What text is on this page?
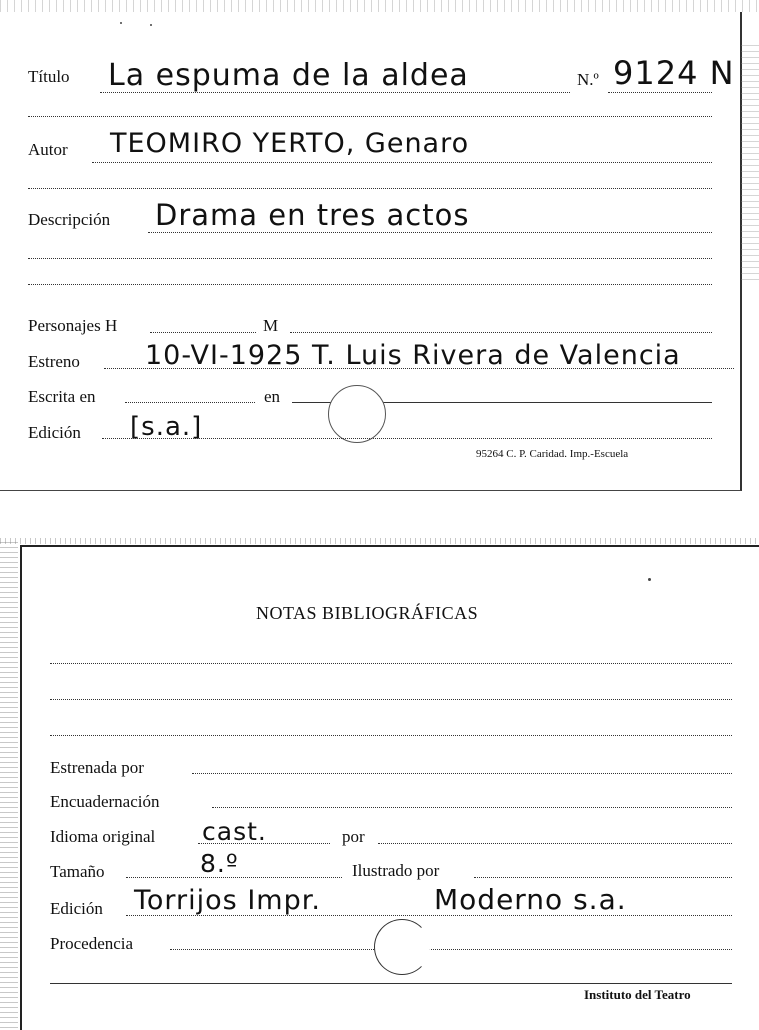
Título La espuma de la aldea	N.º 9124 N
Autor TEOMIRO YERTO, Genaro
Descripción Drama en tres actos
Personajes H	M
Estreno 10-VI-1925 T. Luis Rivera de Valencia
Escrita en	en
Edición [s.a.]
95264 C. P. Caridad. Imp.-Escuela
NOTAS BIBLIOGRÁFICAS
Estrenada por
Encuadernación
Idioma original cast.	por
Tamaño	8.º	Ilustrado por
Edición Torrijos Impr.	Moderno s.a.
Procedencia
Instituto del Teatro
